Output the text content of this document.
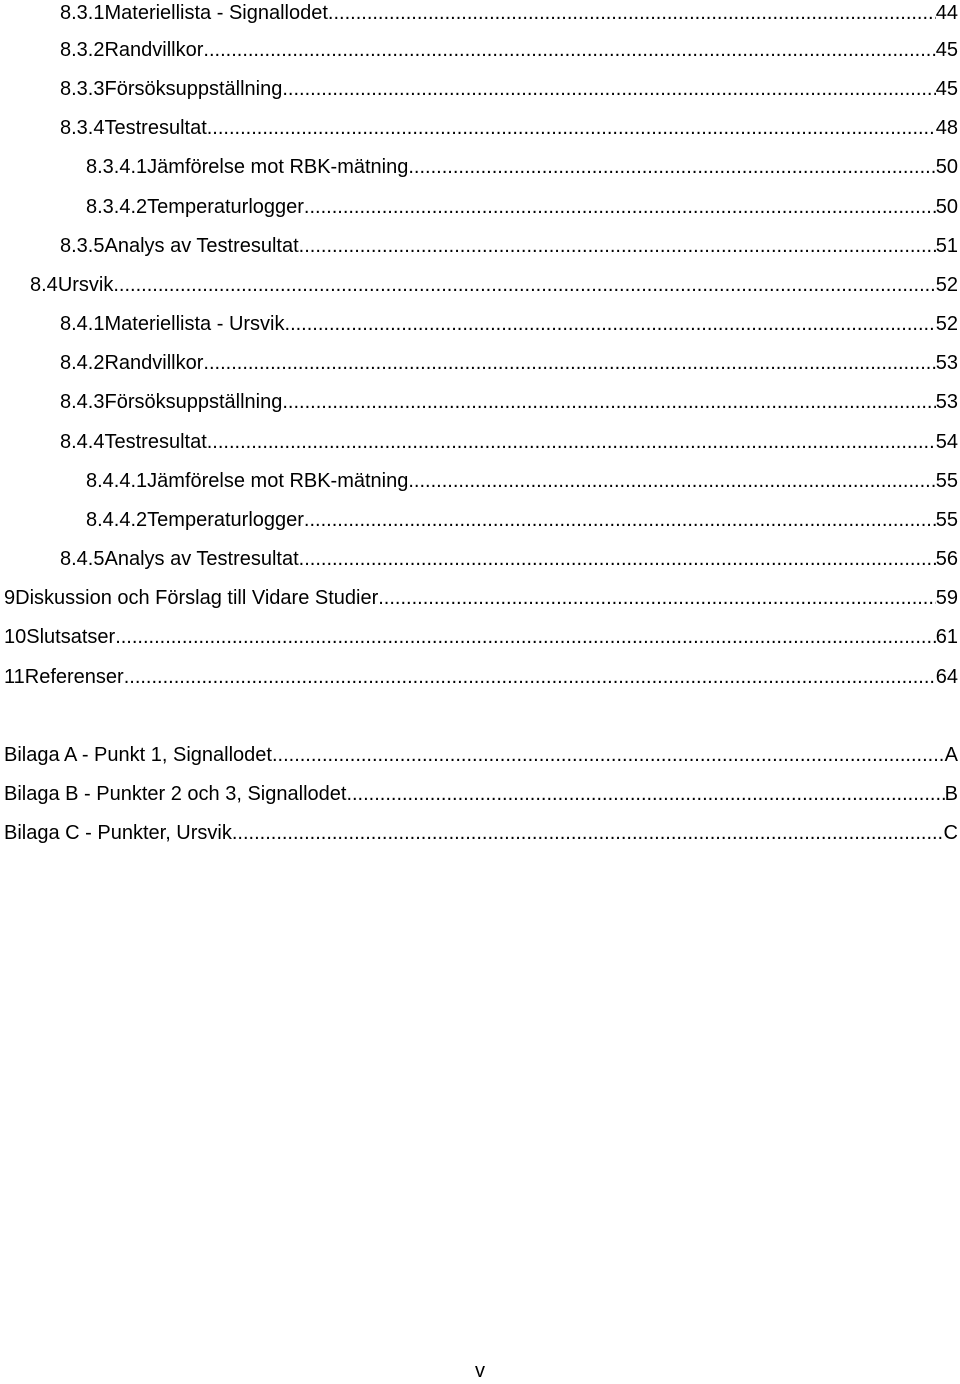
8.3.1 Materiellista - Signallodet .....	44
8.3.2 Randvillkor .....	45
8.3.3 Försöksuppställning .....	45
8.3.4 Testresultat .....	48
8.3.4.1 Jämförelse mot RBK-mätning .....	50
8.3.4.2 Temperaturlogger .....	50
8.3.5 Analys av Testresultat .....	51
8.4 Ursvik .....	52
8.4.1 Materiellista - Ursvik .....	52
8.4.2 Randvillkor .....	53
8.4.3 Försöksuppställning .....	53
8.4.4 Testresultat .....	54
8.4.4.1 Jämförelse mot RBK-mätning .....	55
8.4.4.2 Temperaturlogger .....	55
8.4.5 Analys av Testresultat .....	56
9 Diskussion och Förslag till Vidare Studier .....	59
10 Slutsatser .....	61
11 Referenser .....	64
Bilaga A - Punkt 1, Signallodet .....	A
Bilaga B - Punkter 2 och 3, Signallodet .....	B
Bilaga C - Punkter, Ursvik .....	C
v
